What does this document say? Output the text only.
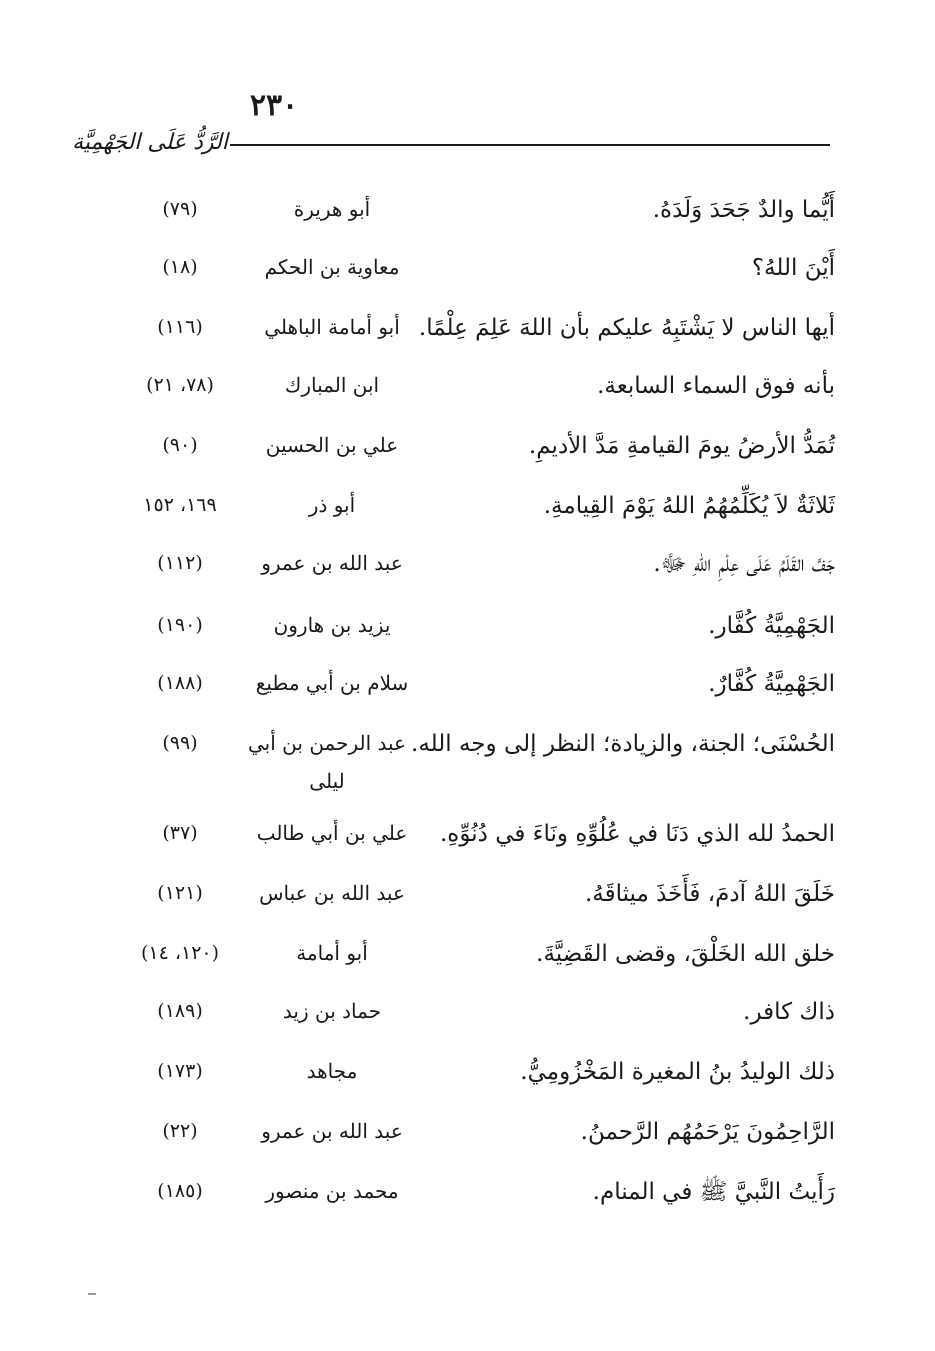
٢٣٠
الرَّدُّ عَلَى الجَهْمِيَّة
أَيُّما والدٌ جَحَدَ وَلَدَهُ.
أبو هريرة
(٧٩)
أَيْنَ اللهُ؟
معاوية بن الحكم
(١٨)
أيها الناس لا يَشْتَبِهُ عليكم بأن اللهَ عَلِمَ عِلْمًا.
أبو أمامة الباهلي
(١١٦)
بأنه فوق السماء السابعة.
ابن المبارك
(٧٨، ٢١)
تُمَدُّ الأرضُ يومَ القيامةِ مَدَّ الأديمِ.
علي بن الحسين
(٩٠)
ثَلاثَةٌ لاَ يُكَلِّمُهُمُ اللهُ يَوْمَ القِيامةِ.
أبو ذر
١٦٩، ١٥٢
جَفَّ القَلَمُ عَلَى عِلْمِ اللهِ ﷻ.
عبد الله بن عمرو
(١١٢)
الجَهْمِيَّةُ كُفَّار.
يزيد بن هارون
(١٩٠)
الجَهْمِيَّةُ كُفَّارٌ.
سلام بن أبي مطيع
(١٨٨)
الحُسْنَى؛ الجنة، والزيادة؛ النظر إلى وجه الله.
عبد الرحمن بن أبي ليلى
(٩٩)
الحمدُ لله الذي دَنَا في عُلُوِّهِ ونَاءَ في دُنُوِّهِ.
علي بن أبي طالب
(٣٧)
خَلَقَ اللهُ آدمَ، فَأَخَذَ ميثاقَهُ.
عبد الله بن عباس
(١٢١)
خلق الله الخَلْقَ، وقضى القَضِيَّةَ.
أبو أمامة
(١٢٠، ١٤)
ذاك كافر.
حماد بن زيد
(١٨٩)
ذلك الوليدُ بنُ المغيرة المَخْزُومِيُّ.
مجاهد
(١٧٣)
الرَّاحِمُونَ يَرْحَمُهُم الرَّحمنُ.
عبد الله بن عمرو
(٢٢)
رَأَيتُ النَّبيَّ ﷺ في المنام.
محمد بن منصور
(١٨٥)
